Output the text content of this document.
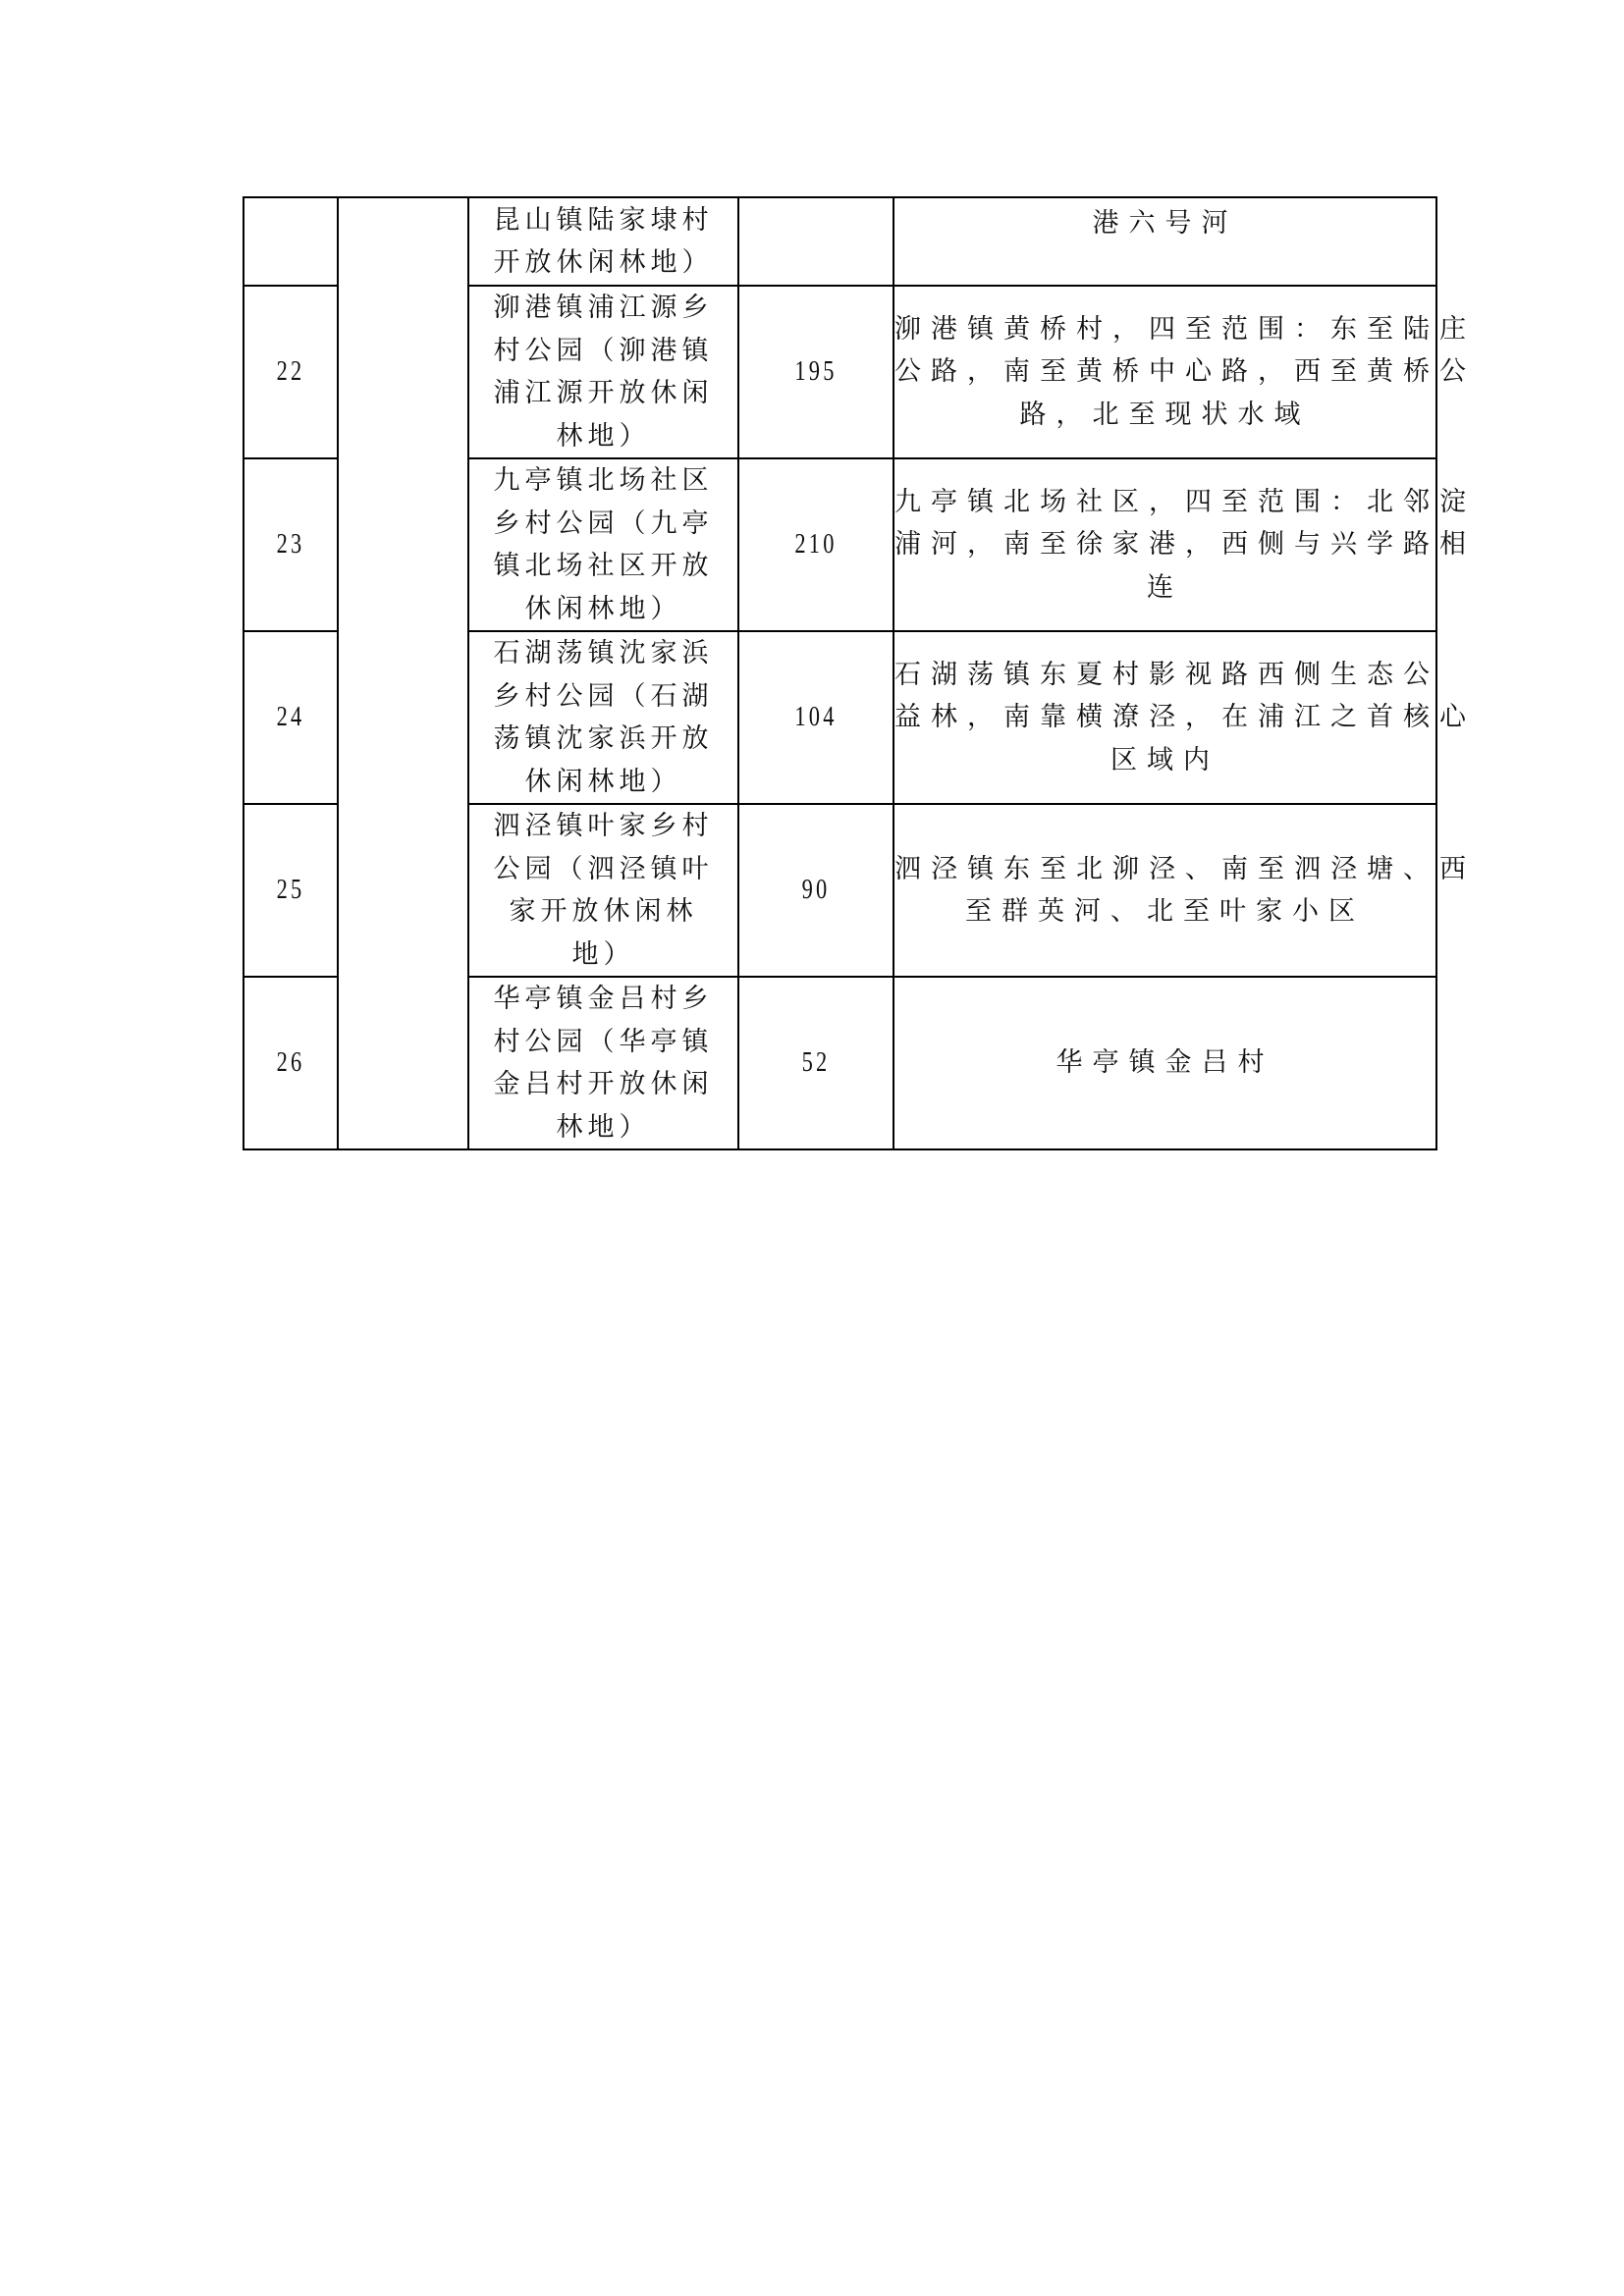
		昆山镇陆家埭村
开放休闲林地）		港六号河

22		泖港镇浦江源乡
村公园（泖港镇
浦江源开放休闲
林地）	195	泖港镇黄桥村，四至范围：东至陆庄
公路，南至黄桥中心路，西至黄桥公
路，北至现状水域

23		九亭镇北场社区
乡村公园（九亭
镇北场社区开放
休闲林地）	210	九亭镇北场社区，四至范围：北邻淀
浦河，南至徐家港，西侧与兴学路相
连

24		石湖荡镇沈家浜
乡村公园（石湖
荡镇沈家浜开放
休闲林地）	104	石湖荡镇东夏村影视路西侧生态公
益林，南靠横潦泾，在浦江之首核心
区域内

25		泗泾镇叶家乡村
公园（泗泾镇叶
家开放休闲林
地）	90	泗泾镇东至北泖泾、南至泗泾塘、西
至群英河、北至叶家小区

26		华亭镇金吕村乡
村公园（华亭镇
金吕村开放休闲
林地）	52	华亭镇金吕村
